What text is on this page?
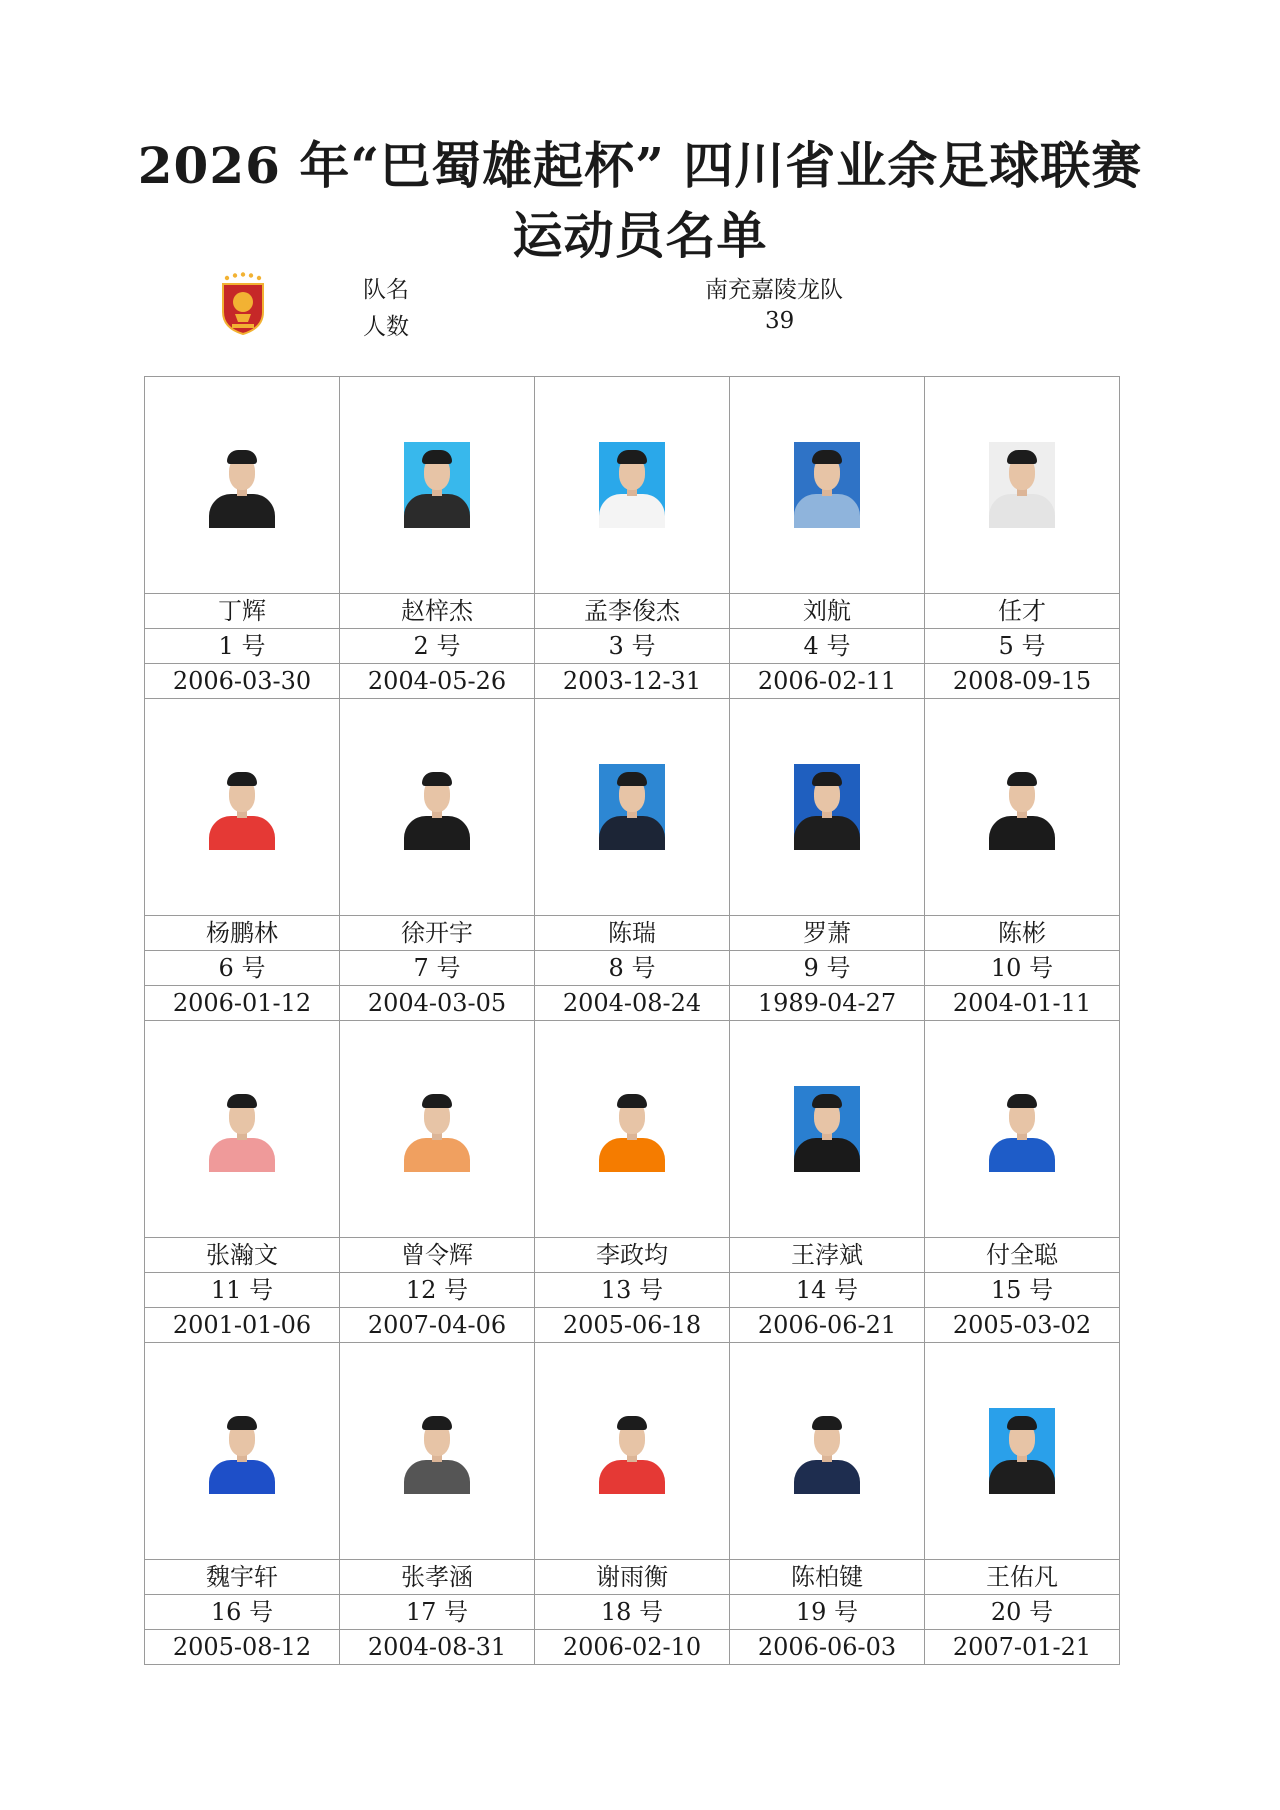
2026 年“巴蜀雄起杯” 四川省业余足球联赛
运动员名单
队名	南充嘉陵龙队
人数	39

丁辉	赵梓杰	孟李俊杰	刘航	任才
1 号	2 号	3 号	4 号	5 号
2006-03-30	2004-05-26	2003-12-31	2006-02-11	2008-09-15

杨鹏林	徐开宇	陈瑞	罗萧	陈彬
6 号	7 号	8 号	9 号	10 号
2006-01-12	2004-03-05	2004-08-24	1989-04-27	2004-01-11

张瀚文	曾令辉	李政均	王浡斌	付全聪
11 号	12 号	13 号	14 号	15 号
2001-01-06	2007-04-06	2005-06-18	2006-06-21	2005-03-02

魏宇轩	张孝涵	谢雨衡	陈柏键	王佑凡
16 号	17 号	18 号	19 号	20 号
2005-08-12	2004-08-31	2006-02-10	2006-06-03	2007-01-21
